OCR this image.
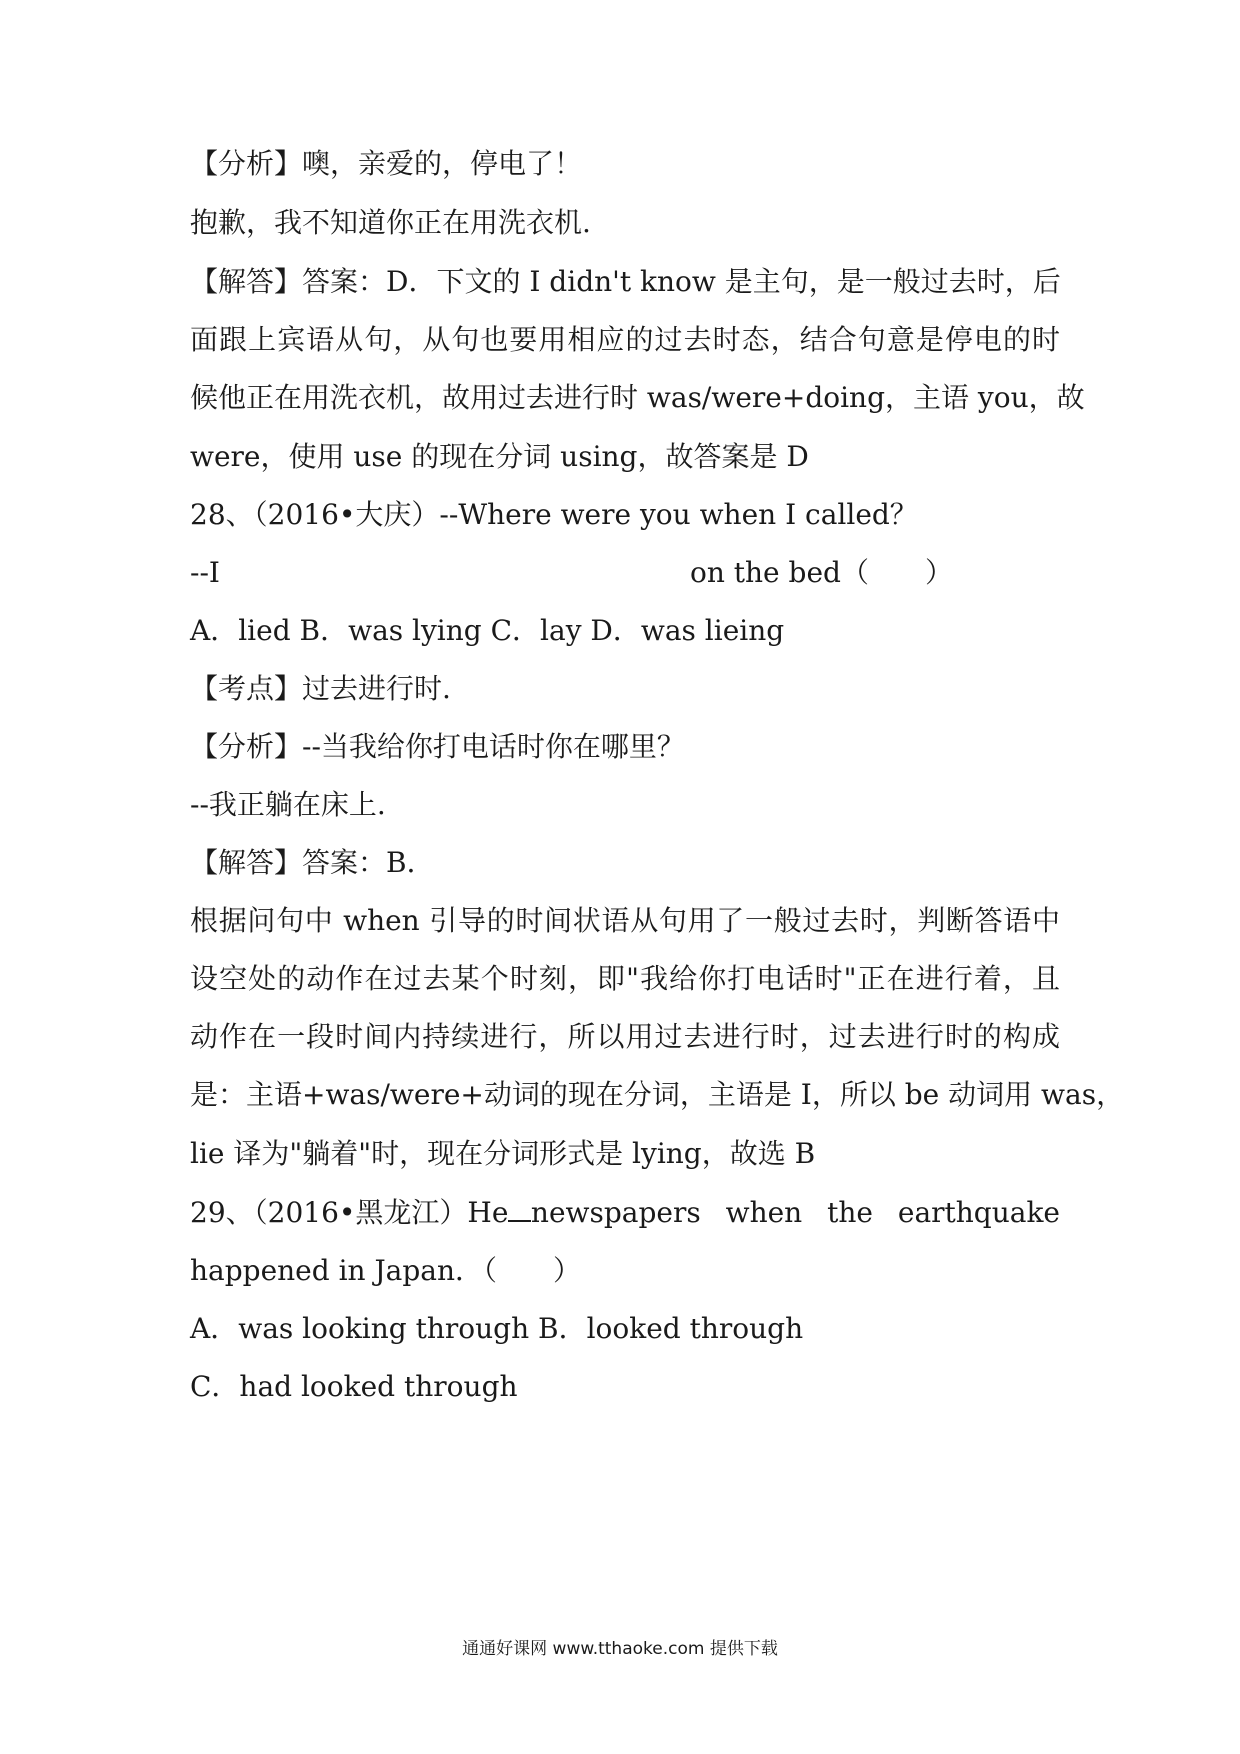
【分析】噢，亲爱的，停电了！
抱歉，我不知道你正在用洗衣机.
【解答】答案：D．下文的 I didn't know 是主句，是一般过去时，后
面跟上宾语从句，从句也要用相应的过去时态，结合句意是停电的时
候他正在用洗衣机，故用过去进行时 was/were+doing，主语 you，故
were，使用 use 的现在分词 using，故答案是 D
28、（2016•大庆）--Where were you when I called？
--I	on the bed（　　）
A．lied B．was lying C．lay D．was lieing
【考点】过去进行时.
【分析】--当我给你打电话时你在哪里？
--我正躺在床上.
【解答】答案：B．
根据问句中 when 引导的时间状语从句用了一般过去时，判断答语中
设空处的动作在过去某个时刻，即"我给你打电话时"正在进行着，且
动作在一段时间内持续进行，所以用过去进行时，过去进行时的构成
是：主语+was/were+动词的现在分词，主语是 I，所以 be 动词用 was，
lie 译为"躺着"时，现在分词形式是 lying，故选 B
29、（2016•黑龙江）He newspapers when the earthquake
happened in Japan．（　　）
A．was looking through B．looked through
C．had looked through
通通好课网 www.tthaoke.com 提供下载
